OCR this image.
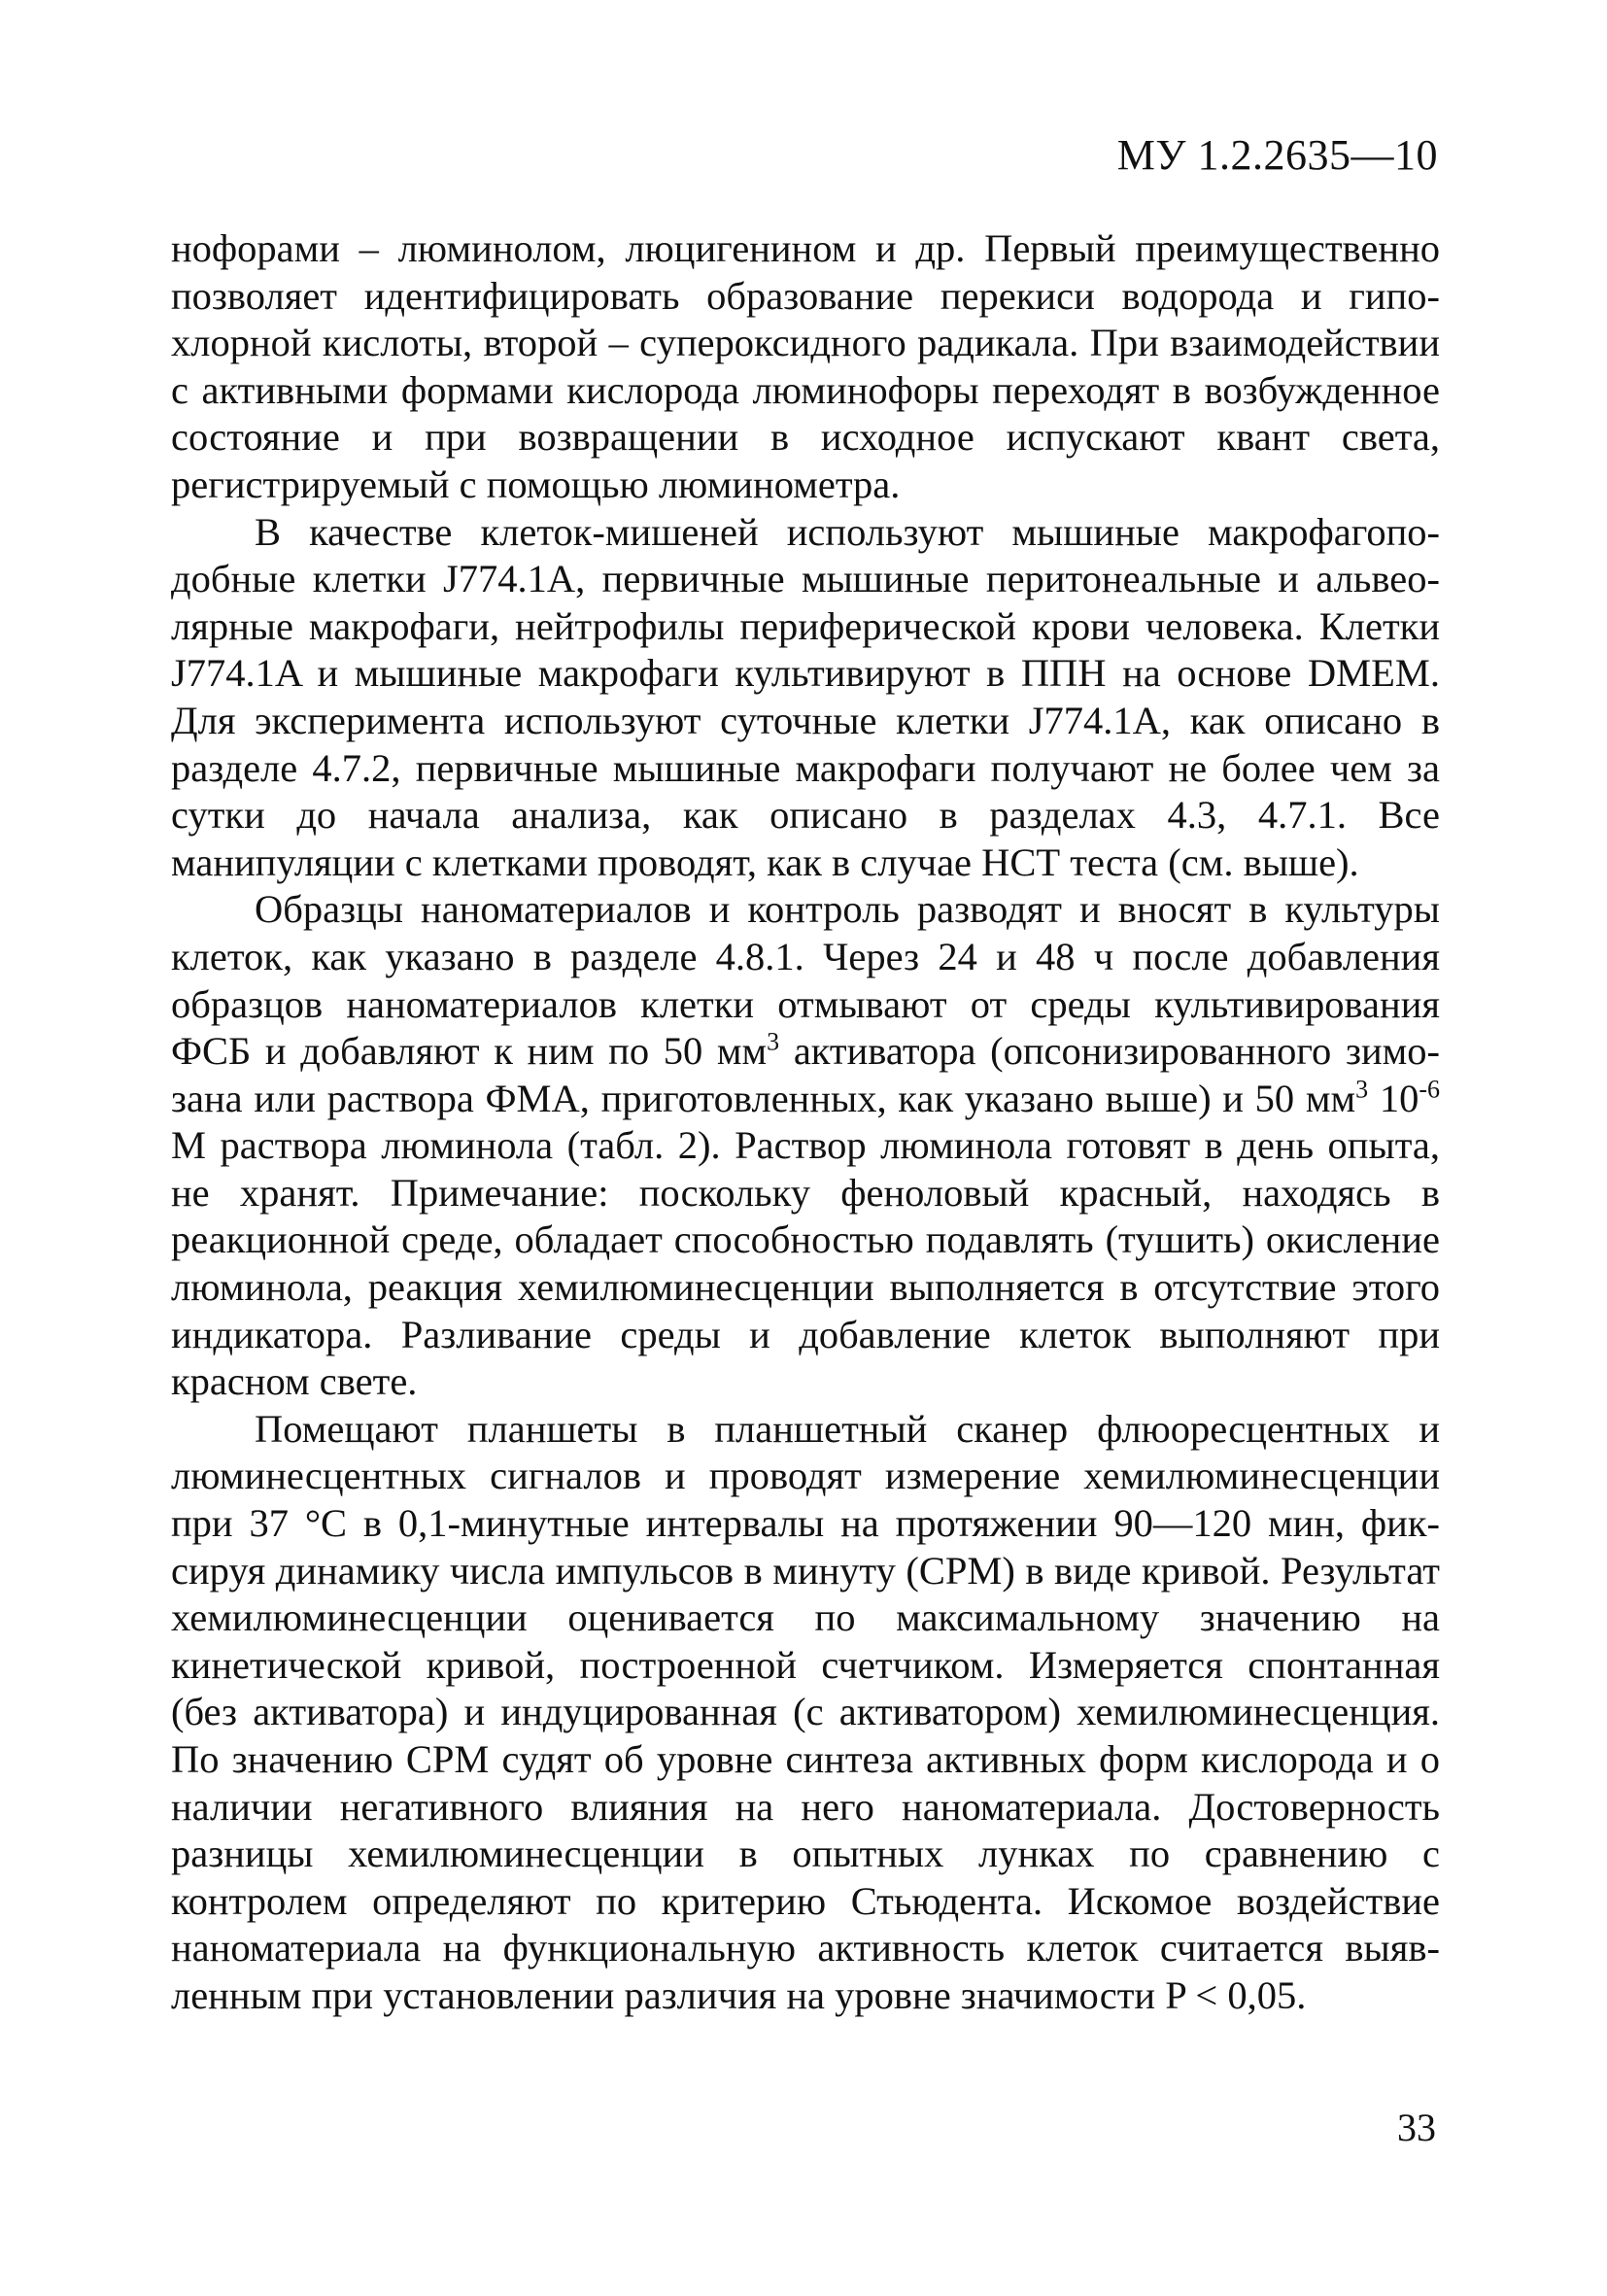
МУ 1.2.2635—10

нофорами – люминолом, люцигенином и др. Первый преимущественно позволяет идентифицировать образование перекиси водорода и гипохлорной кислоты, второй – супероксидного радикала. При взаимодействии с активными формами кислорода люминофоры переходят в возбужденное состояние и при возвращении в исходное испускают квант света, регистрируемый с помощью люминометра.

В качестве клеток-мишеней используют мышиные макрофагоподобные клетки J774.1A, первичные мышиные перитонеальные и альвеолярные макрофаги, нейтрофилы периферической крови человека. Клетки J774.1A и мышиные макрофаги культивируют в ППН на основе DMEM. Для эксперимента используют суточные клетки J774.1A, как описано в разделе 4.7.2, первичные мышиные макрофаги получают не более чем за сутки до начала анализа, как описано в разделах 4.3, 4.7.1. Все манипуляции с клетками проводят, как в случае НСТ теста (см. выше).

Образцы наноматериалов и контроль разводят и вносят в культуры клеток, как указано в разделе 4.8.1. Через 24 и 48 ч после добавления образцов наноматериалов клетки отмывают от среды культивирования ФСБ и добавляют к ним по 50 $мм^3$ активатора (опсонизированного зимозана или раствора ФМА, приготовленных, как указано выше) и 50 $мм^3$ $10^{-6}$ М раствора люминола (табл. 2). Раствор люминола готовят в день опыта, не хранят. Примечание: поскольку феноловый красный, находясь в реакционной среде, обладает способностью подавлять (тушить) окисление люминола, реакция хемилюминесценции выполняется в отсутствие этого индикатора. Разливание среды и добавление клеток выполняют при красном свете.

Помещают планшеты в планшетный сканер флюоресцентных и люминесцентных сигналов и проводят измерение хемилюминесценции при 37 °C в 0,1-минутные интервалы на протяжении 90—120 мин, фиксируя динамику числа импульсов в минуту (CPM) в виде кривой. Результат хемилюминесценции оценивается по максимальному значению на кинетической кривой, построенной счетчиком. Измеряется спонтанная (без активатора) и индуцированная (с активатором) хемилюминесценция. По значению CPM судят об уровне синтеза активных форм кислорода и о наличии негативного влияния на него наноматериала. Достоверность разницы хемилюминесценции в опытных лунках по сравнению с контролем определяют по критерию Стьюдента. Искомое воздействие наноматериала на функциональную активность клеток считается выявленным при установлении различия на уровне значимости P < 0,05.

33
